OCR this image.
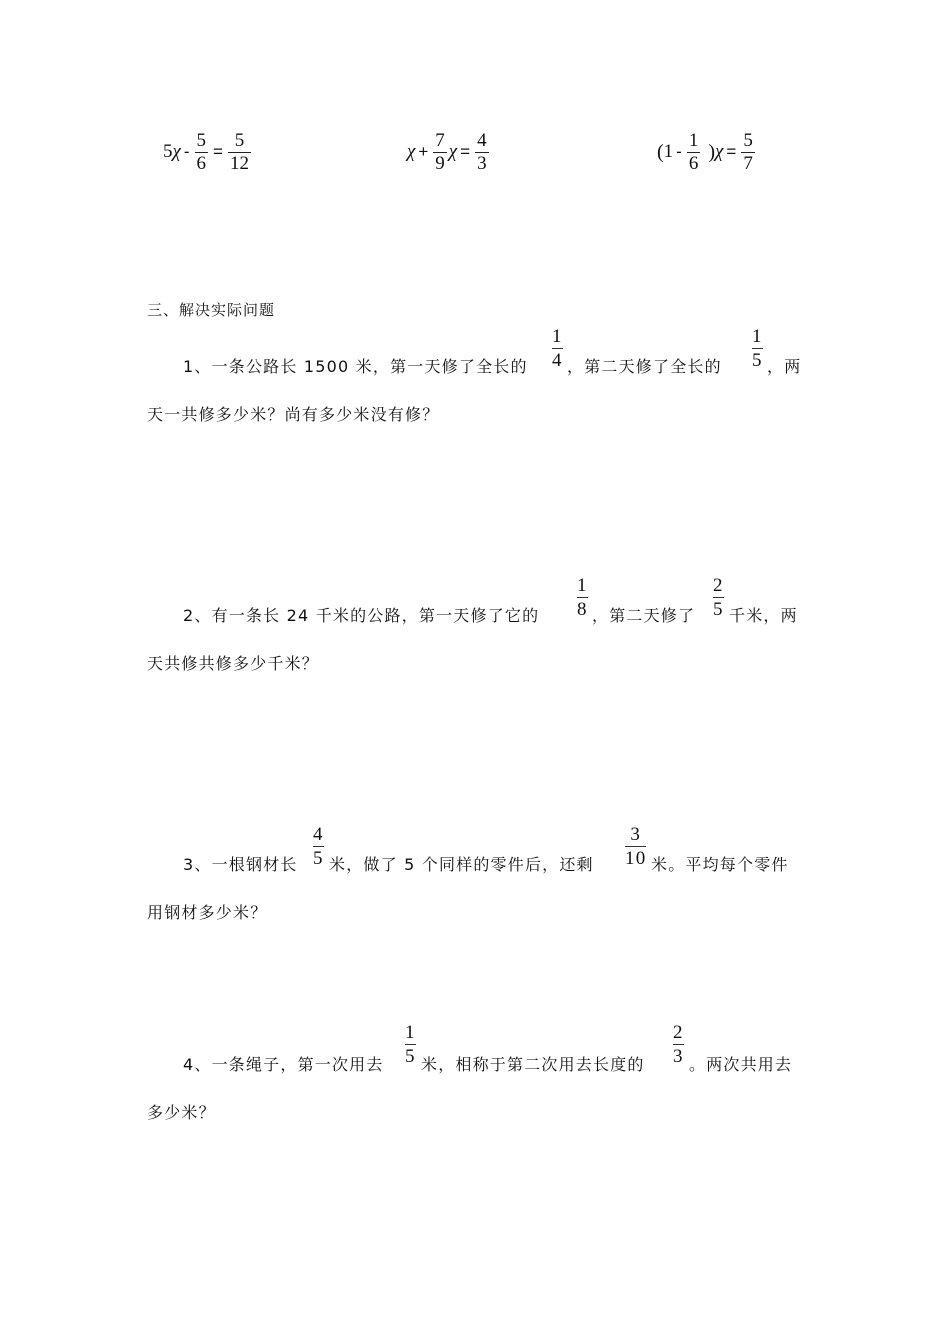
5 $\chi - \frac{5}{6} = \frac{5}{12}$	$\chi + \frac{7}{9}$ $\chi = \frac{4}{3}$	( $1 - \frac{1}{6}$ ) $\chi = \frac{5}{7}$
三、解决实际问题
1、一条公路长 1500 米，第一天修了全长的
1
4 ，第二天修了全长的
1
5 ，两
天一共修多少米？尚有多少米没有修？
2、有一条长 24 千米的公路，第一天修了它的
1
8 ，第二天修了
2
5 千米，两
天共修共修多少千米？
3、一根钢材长
4
5 米，做了 5 个同样的零件后，还剩
3
10 米。平均每个零件
用钢材多少米？
4、一条绳子，第一次用去
1
5 米，相称于第二次用去长度的
2
3 。两次共用去
多少米？
